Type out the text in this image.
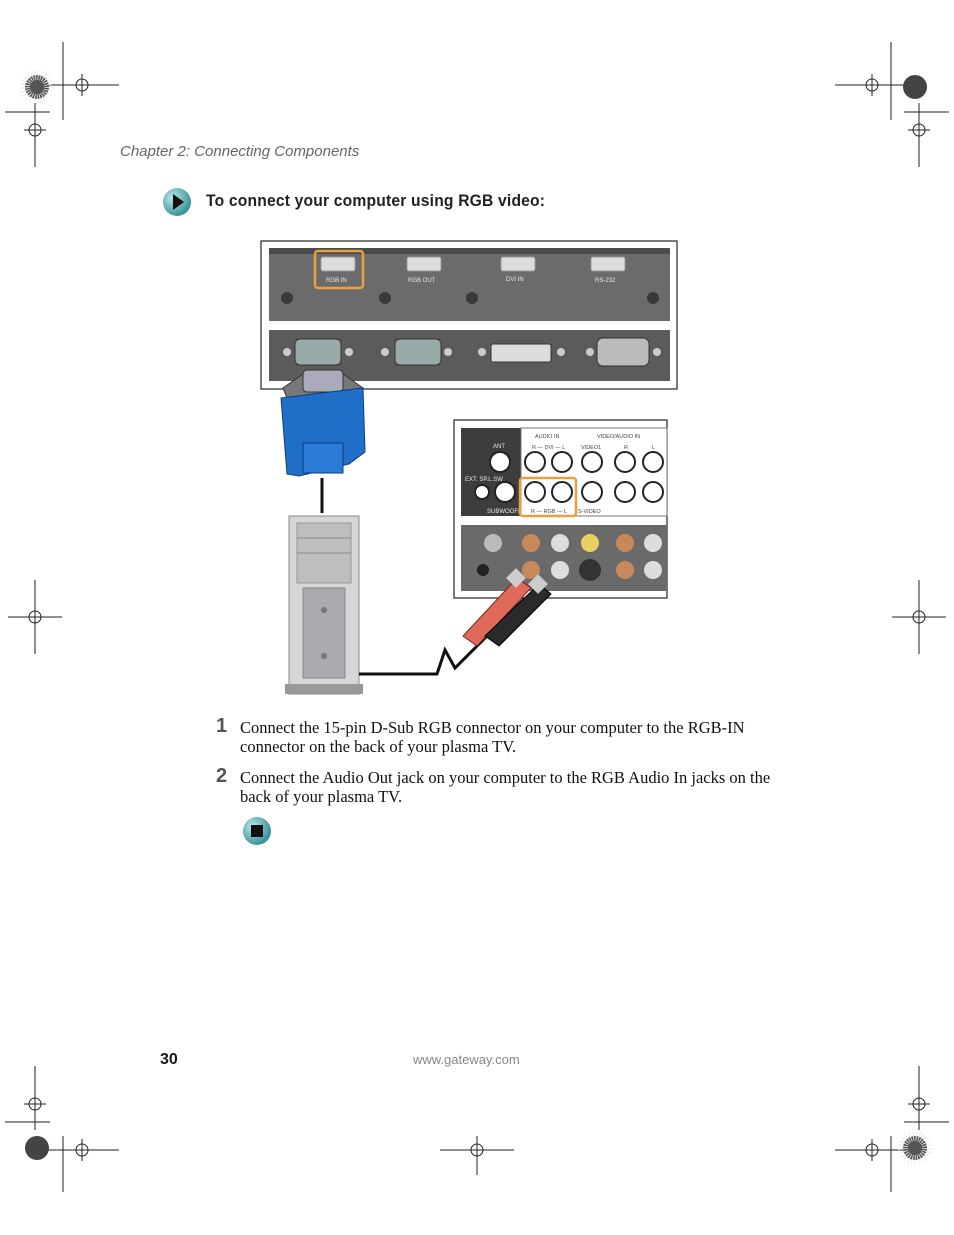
Chapter 2: Connecting Components
To connect your computer using RGB video:
RGB IN	RGB OUT	DVI IN	RS-232
AUDIO IN	VIDEO/AUDIO IN
ANT	R — DVI — L	VIDEO1	R	L
EXT. SP.L.SW
SUBWOOFER R — RGB — L S-VIDEO
1 Connect the 15-pin D-Sub RGB connector on your computer to the RGB-IN connector on the back of your plasma TV.
2 Connect the Audio Out jack on your computer to the RGB Audio In jacks on the back of your plasma TV.
30	www.gateway.com
